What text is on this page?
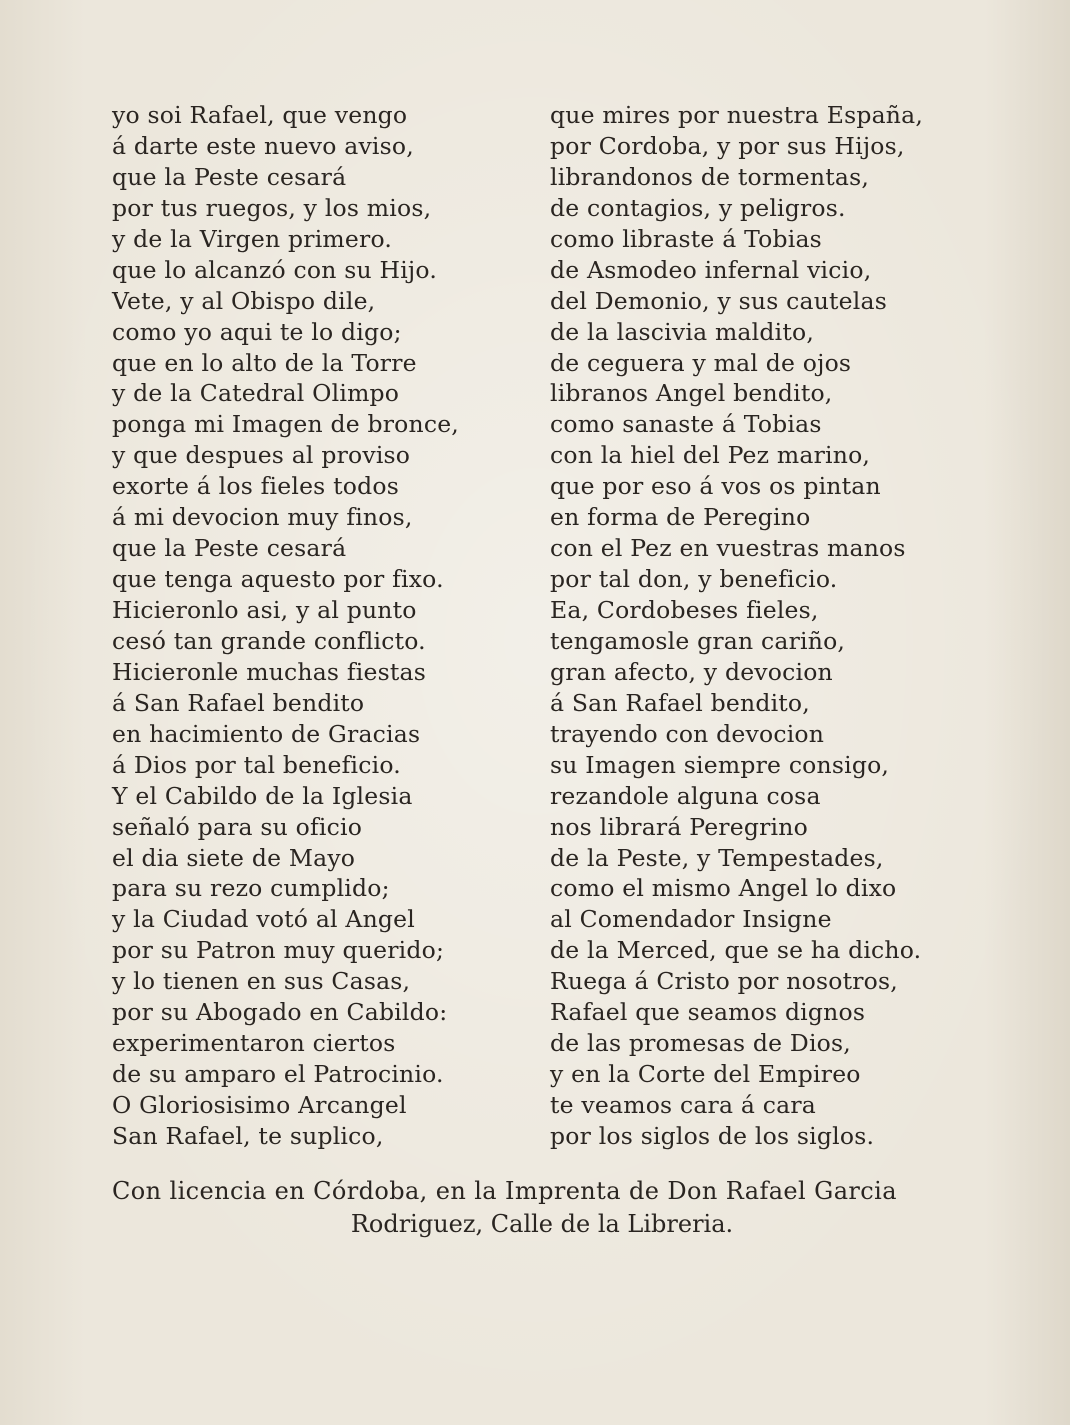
yo soi Rafael, que vengo
á darte este nuevo aviso,
que la Peste cesará
por tus ruegos, y los mios,
y de la Virgen primero.
que lo alcanzó con su Hijo.
Vete, y al Obispo dile,
como yo aqui te lo digo;
que en lo alto de la Torre
y de la Catedral Olimpo
ponga mi Imagen de bronce,
y que despues al proviso
exorte á los fieles todos
á mi devocion muy finos,
que la Peste cesará
que tenga aquesto por fixo.
Hicieronlo asi, y al punto
cesó tan grande conflicto.
Hicieronle muchas fiestas
á San Rafael bendito
en hacimiento de Gracias
á Dios por tal beneficio.
Y el Cabildo de la Iglesia
señaló para su oficio
el dia siete de Mayo
para su rezo cumplido;
y la Ciudad votó al Angel
por su Patron muy querido;
y lo tienen en sus Casas,
por su Abogado en Cabildo:
experimentaron ciertos
de su amparo el Patrocinio.
O Gloriosisimo Arcangel
San Rafael, te suplico,
que mires por nuestra España,
por Cordoba, y por sus Hijos,
librandonos de tormentas,
de contagios, y peligros.
como libraste á Tobias
de Asmodeo infernal vicio,
del Demonio, y sus cautelas
de la lascivia maldito,
de ceguera y mal de ojos
libranos Angel bendito,
como sanaste á Tobias
con la hiel del Pez marino,
que por eso á vos os pintan
en forma de Peregino
con el Pez en vuestras manos
por tal don, y beneficio.
Ea, Cordobeses fieles,
tengamosle gran cariño,
gran afecto, y devocion
á San Rafael bendito,
trayendo con devocion
su Imagen siempre consigo,
rezandole alguna cosa
nos librará Peregrino
de la Peste, y Tempestades,
como el mismo Angel lo dixo
al Comendador Insigne
de la Merced, que se ha dicho.
Ruega á Cristo por nosotros,
Rafael que seamos dignos
de las promesas de Dios,
y en la Corte del Empireo
te veamos cara á cara
por los siglos de los siglos.
Con licencia en Córdoba, en la Imprenta de Don Rafael Garcia
Rodriguez, Calle de la Libreria.
